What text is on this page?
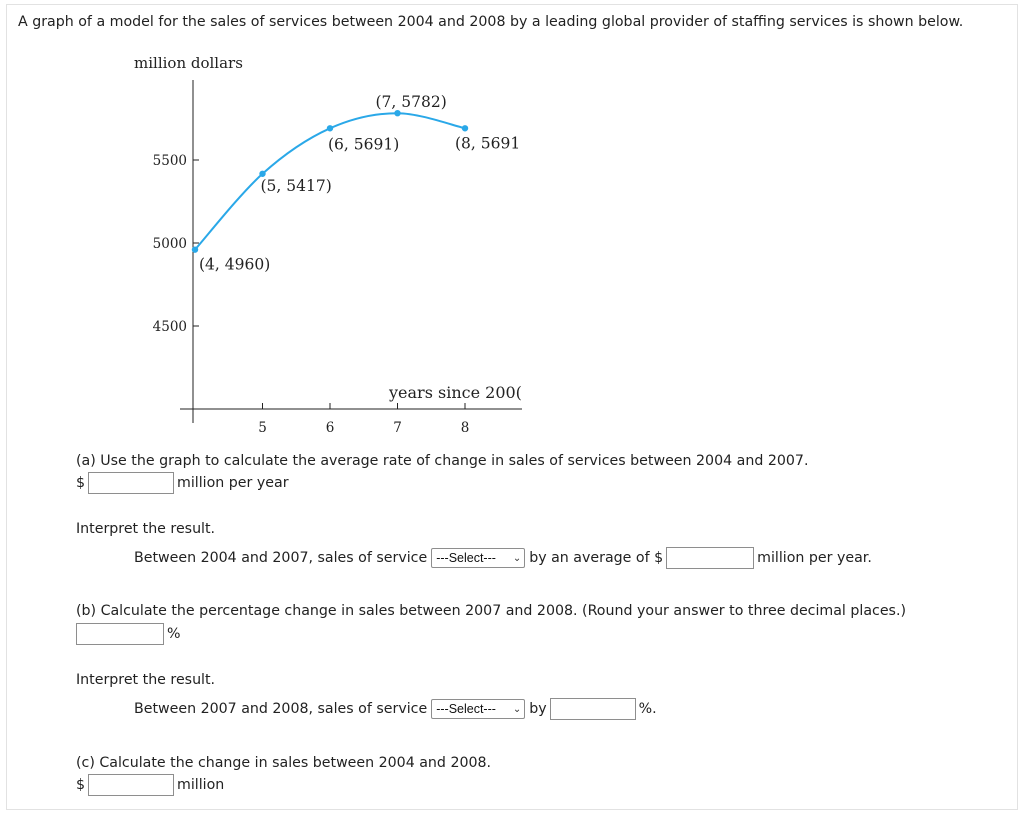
A graph of a model for the sales of services between 2004 and 2008 by a leading global provider of staffing services is shown below.
million dollars
years since 200(
4500
5000
5500
5	6	7	8
(4, 4960)
(5, 5417)
(6, 5691)
(7, 5782)
(8, 5691
(a) Use the graph to calculate the average rate of change in sales of services between 2004 and 2007.
$	million per year
Interpret the result.
Between 2004 and 2007, sales of service ---Select--- ⌄ by an average of $	million per year.
(b) Calculate the percentage change in sales between 2007 and 2008. (Round your answer to three decimal places.)
%
Interpret the result.
Between 2007 and 2008, sales of service ---Select--- ⌄ by	%.
(c) Calculate the change in sales between 2004 and 2008.
$	million
